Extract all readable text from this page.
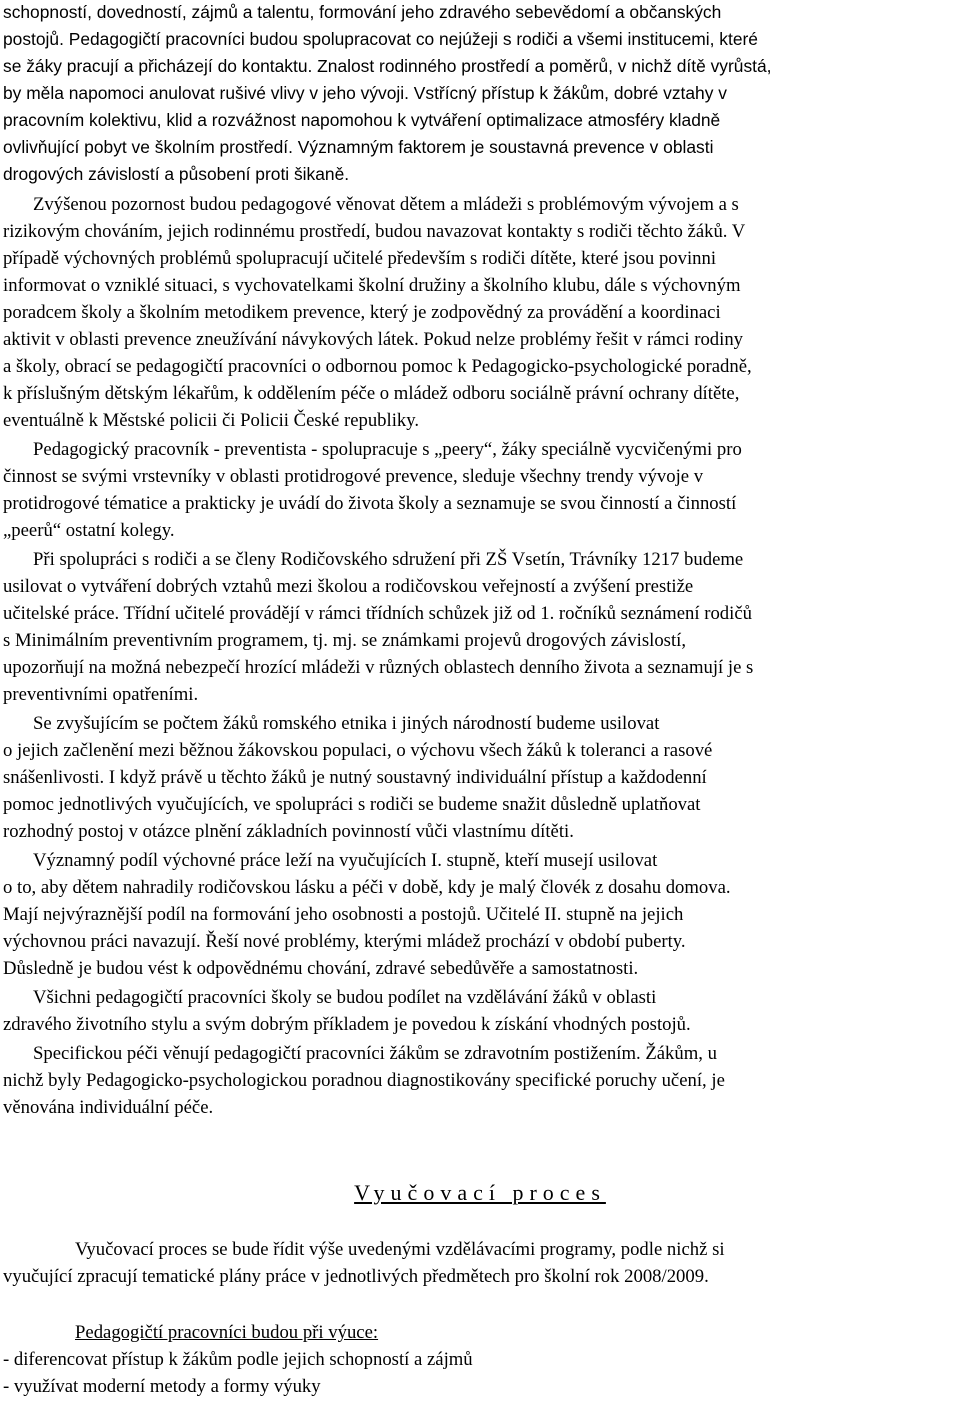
schopností, dovedností, zájmů a talentu, formování jeho zdravého sebevědomí a občanských
postojů. Pedagogičtí pracovníci budou spolupracovat co nejúžeji s rodiči a všemi institucemi, které
se žáky pracují a přicházejí do kontaktu. Znalost rodinného prostředí a poměrů, v nichž dítě vyrůstá,
by měla napomoci anulovat rušivé vlivy v jeho vývoji. Vstřícný přístup k žákům, dobré vztahy v
pracovním kolektivu, klid a rozvážnost napomohou k vytváření optimalizace atmosféry kladně
ovlivňující pobyt ve školním prostředí. Významným faktorem je soustavná prevence v oblasti
drogových závislostí a působení proti šikaně.
Zvýšenou pozornost budou pedagogové věnovat dětem a mládeži s problémovým vývojem a s
rizikovým chováním, jejich rodinnému prostředí, budou navazovat kontakty s rodiči těchto žáků. V
případě výchovných problémů spolupracují učitelé především s rodiči dítěte, které jsou povinni
informovat o vzniklé situaci, s vychovatelkami školní družiny a školního klubu, dále s výchovným
poradcem školy a školním metodikem prevence, který je zodpovědný za provádění a koordinaci
aktivit v oblasti prevence zneužívání návykových látek. Pokud nelze problémy řešit v rámci rodiny
a školy, obrací se pedagogičtí pracovníci o odbornou pomoc k Pedagogicko-psychologické poradně,
k příslušným dětským lékařům, k oddělením péče o mládež odboru sociálně právní ochrany dítěte,
eventuálně k Městské policii či Policii České republiky.
Pedagogický pracovník - preventista - spolupracuje s „peery“, žáky speciálně vycvičenými pro
činnost se svými vrstevníky v oblasti protidrogové prevence, sleduje všechny trendy vývoje v
protidrogové tématice a prakticky je uvádí do života školy a seznamuje se svou činností a činností
„peerů“ ostatní kolegy.
Při spolupráci s rodiči a se členy Rodičovského sdružení při ZŠ Vsetín, Trávníky 1217 budeme
usilovat o vytváření dobrých vztahů mezi školou a rodičovskou veřejností a zvýšení prestiže
učitelské práce. Třídní učitelé provádějí v rámci třídních schůzek již od 1. ročníků seznámení rodičů
s Minimálním preventivním programem, tj. mj. se známkami projevů drogových závislostí,
upozorňují na možná nebezpečí hrozící mládeži v různých oblastech denního života a seznamují je s
preventivními opatřeními.
Se zvyšujícím se počtem žáků romského etnika i jiných národností budeme usilovat
o jejich začlenění mezi běžnou žákovskou populaci, o výchovu všech žáků k toleranci a rasové
snášenlivosti. I když právě u těchto žáků je nutný soustavný individuální přístup a každodenní
pomoc jednotlivých vyučujících, ve spolupráci s rodiči se budeme snažit důsledně uplatňovat
rozhodný postoj v otázce plnění základních povinností vůči vlastnímu dítěti.
Významný podíl výchovné práce leží na vyučujících I. stupně, kteří musejí usilovat
o to, aby dětem nahradily rodičovskou lásku a péči v době, kdy je malý človék z dosahu domova.
Mají nejvýraznější podíl na formování jeho osobnosti a postojů. Učitelé II. stupně na jejich
výchovnou práci navazují. Řeší nové problémy, kterými mládež prochází v období puberty.
Důsledně je budou vést k odpovědnému chování, zdravé sebedůvěře a samostatnosti.
Všichni pedagogičtí pracovníci školy se budou podílet na vzdělávání žáků v oblasti
zdravého životního stylu a svým dobrým příkladem je povedou k získání vhodných postojů.
Specifickou péči věnují pedagogičtí pracovníci žákům se zdravotním postižením. Žákům, u
nichž byly Pedagogicko-psychologickou poradnou diagnostikovány specifické poruchy učení, je
věnována individuální péče.
Vyučovací proces
Vyučovací proces se bude řídit výše uvedenými vzdělávacími programy, podle nichž si
vyučující zpracují tematické plány práce v jednotlivých předmětech pro školní rok 2008/2009.
Pedagogičtí pracovníci budou při výuce:
- diferencovat přístup k žákům podle jejich schopností a zájmů
- využívat moderní metody a formy výuky
